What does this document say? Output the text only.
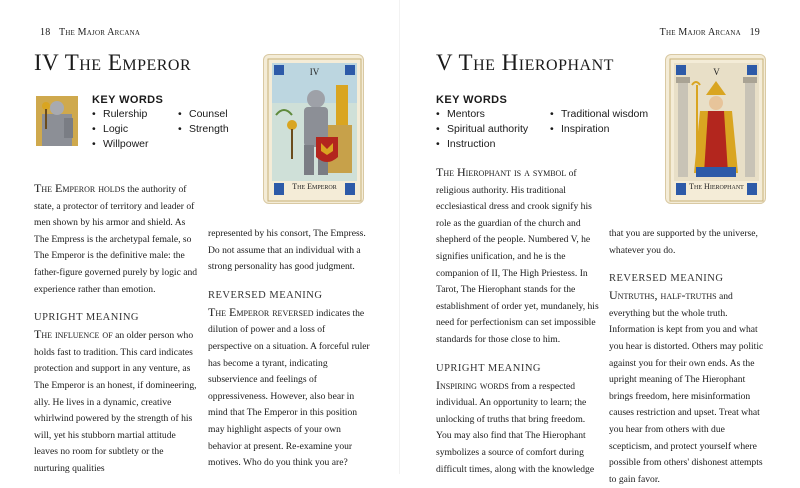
18 The Major Arcana
IV The Emperor
KEY WORDS
• Rulership
• Logic
• Willpower
• Counsel
• Strength
IV
The Emperor

The Emperor holds the authority of state, a protector of territory and leader of men shown by his armor and shield. As The Empress is the archetypal female, so The Emperor is the definitive male: the father-figure governed purely by logic and experience rather than emotion.

UPRIGHT MEANING

The influence of an older person who holds fast to tradition. This card indicates protection and support in any venture, as The Emperor is an honest, if domineering, ally. He lives in a dynamic, creative whirlwind powered by the strength of his will, yet his stubborn martial attitude leaves no room for subtlety or the nurturing qualities

represented by his consort, The Empress. Do not assume that an individual with a strong personality has good judgment.

REVERSED MEANING

The Emperor reversed indicates the dilution of power and a loss of perspective on a situation. A forceful ruler has become a tyrant, indicating subservience and feelings of oppressiveness. However, also bear in mind that The Emperor in this position may highlight aspects of your own behavior at present. Re-examine your motives. Who do you think you are?

The Major Arcana 19
V The Hierophant
KEY WORDS
• Mentors
• Spiritual authority
• Instruction
• Traditional wisdom
• Inspiration
V
The Hierophant

The Hierophant is a symbol of religious authority. His traditional ecclesiastical dress and crook signify his role as the guardian of the church and shepherd of the people. Numbered V, he signifies unification, and he is the companion of II, The High Priestess. In Tarot, The Hierophant stands for the establishment of order yet, mundanely, his need for perfectionism can set impossible standards for those close to him.

UPRIGHT MEANING

Inspiring words from a respected individual. An opportunity to learn; the unlocking of truths that bring freedom. You may also find that The Hierophant symbolizes a source of comfort during difficult times, along with the knowledge

that you are supported by the universe, whatever you do.

REVERSED MEANING

Untruths, half-truths and everything but the whole truth. Information is kept from you and what you hear is distorted. Others may politic against you for their own ends. As the upright meaning of The Hierophant brings freedom, here misinformation causes restriction and upset. Treat what you hear from others with due scepticism, and protect yourself where possible from others' dishonest attempts to gain favor.
